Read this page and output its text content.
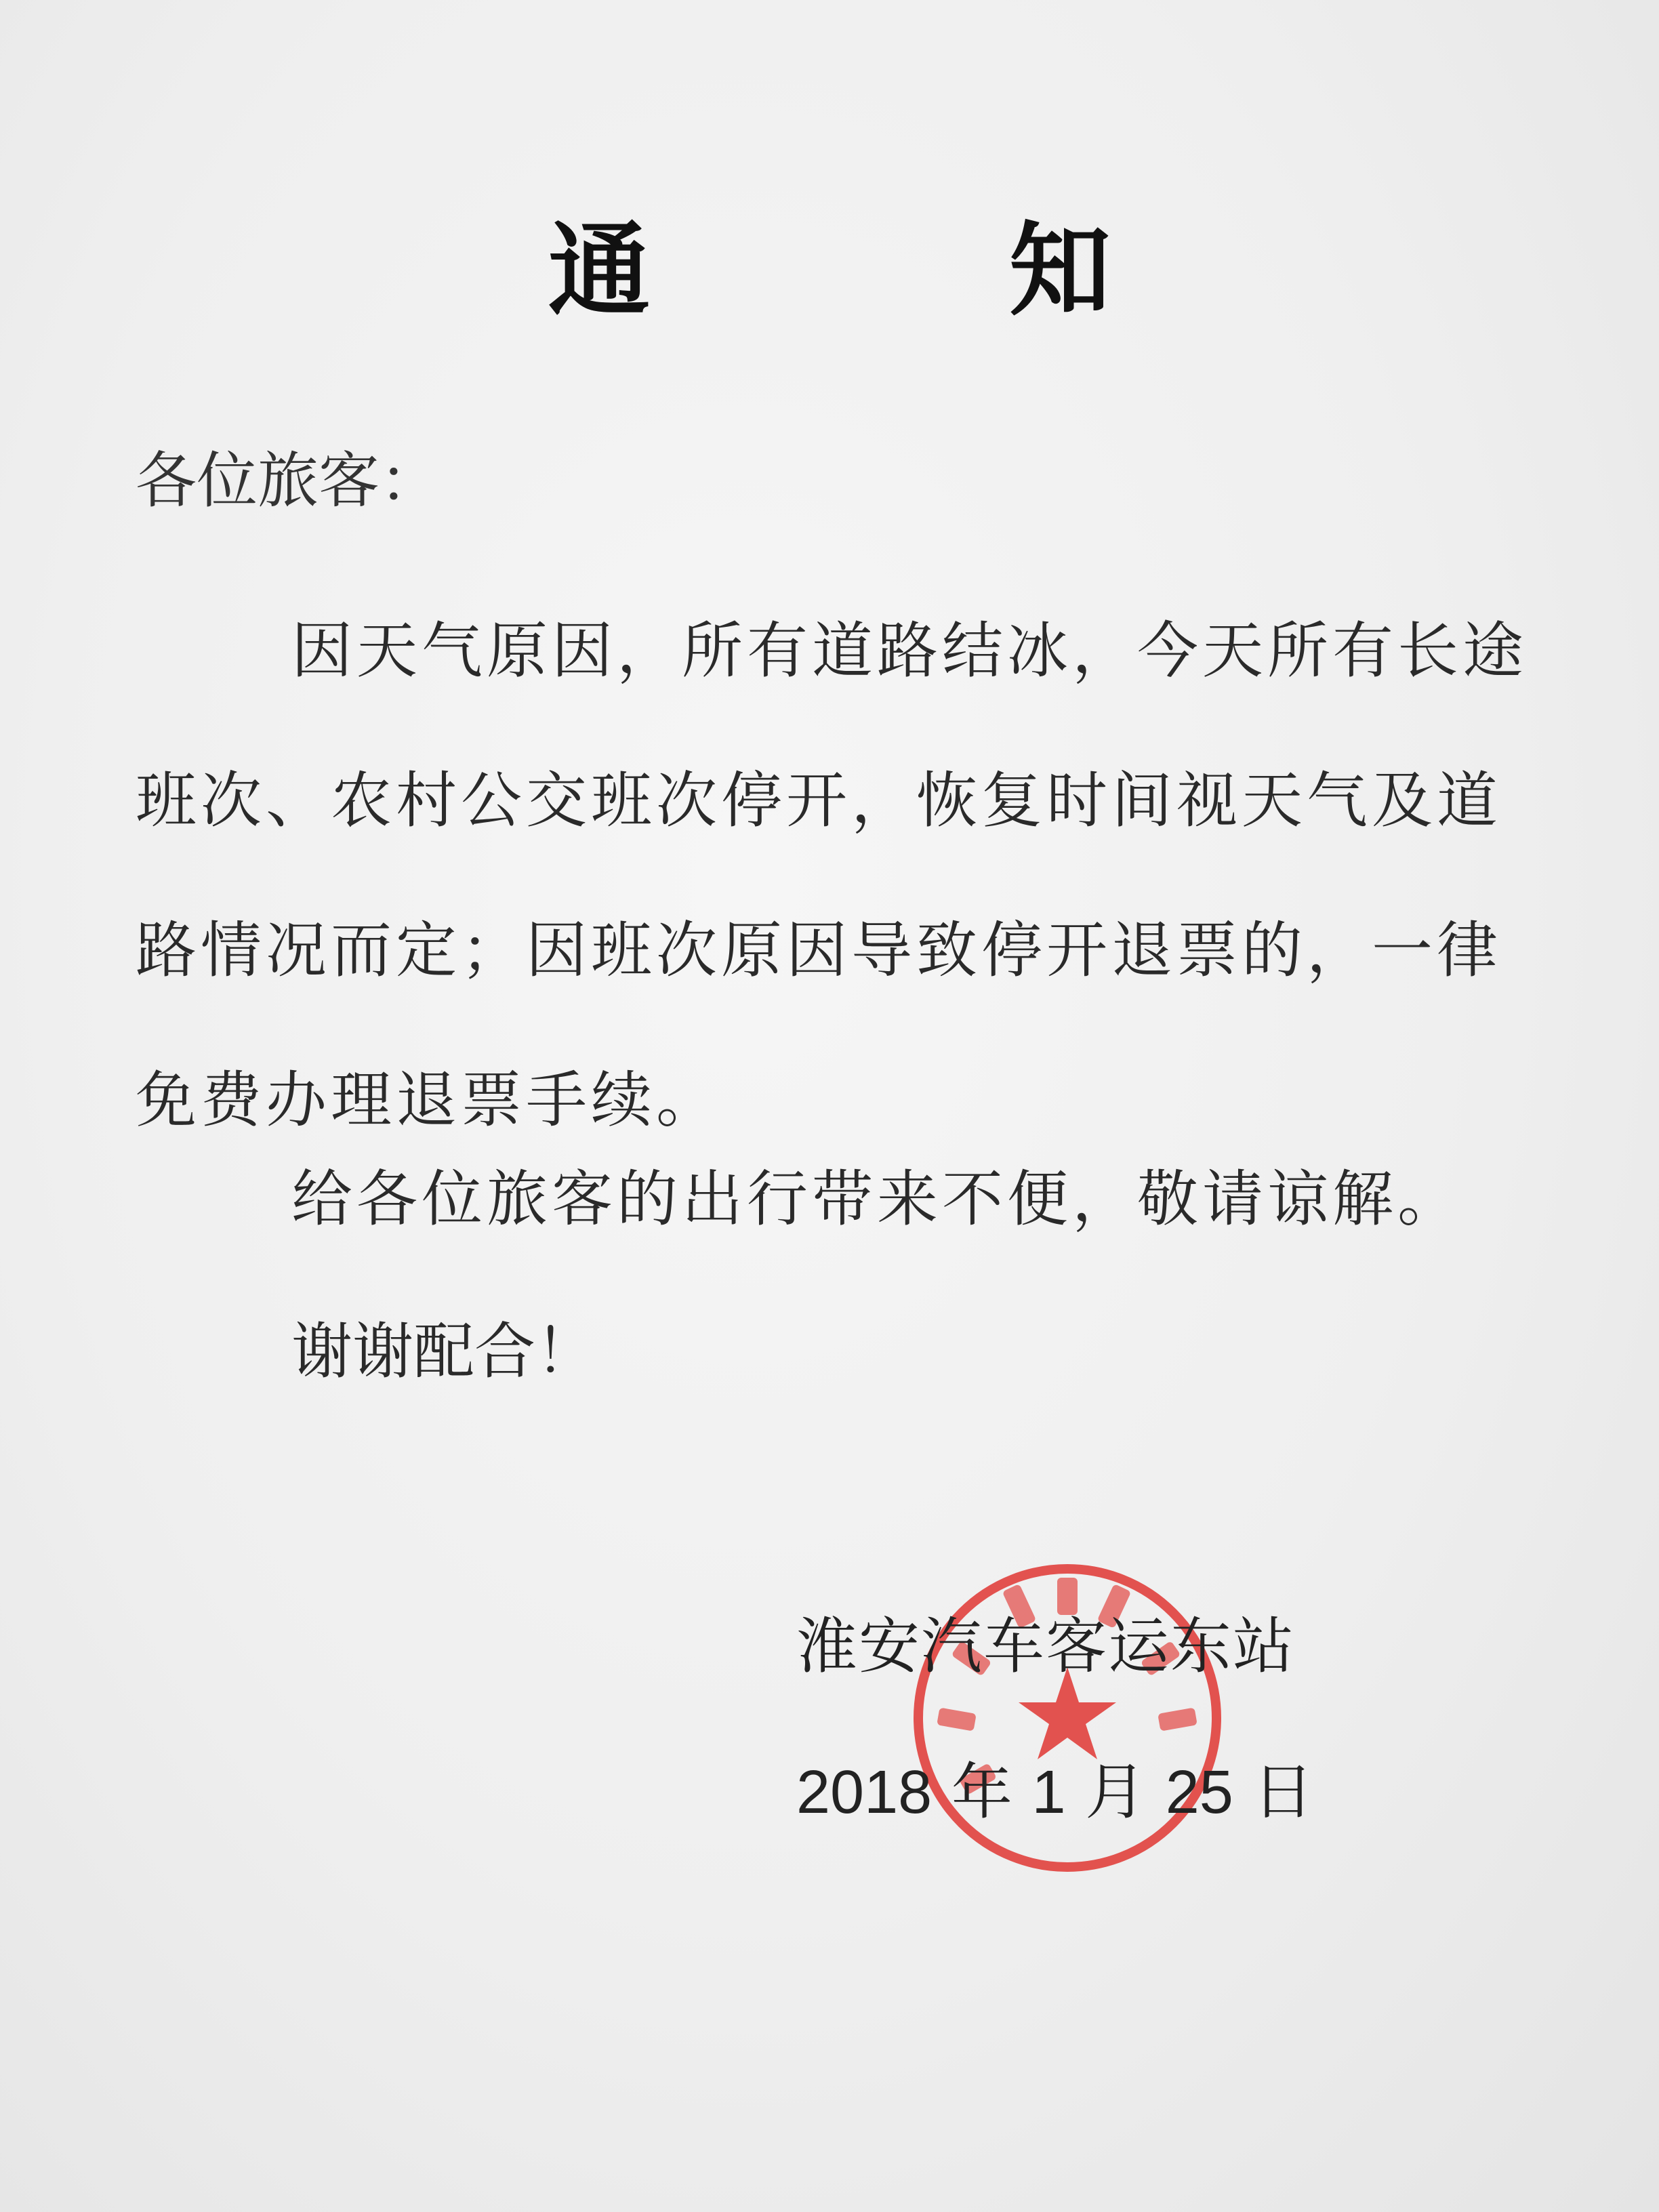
通　知
各位旅客：
因天气原因，所有道路结冰，今天所有长途班次、农村公交班次停开，恢复时间视天气及道路情况而定；因班次原因导致停开退票的，一律免费办理退票手续。
给各位旅客的出行带来不便，敬请谅解。
谢谢配合！
淮安汽车客运东站
2018 年 1 月 25 日
